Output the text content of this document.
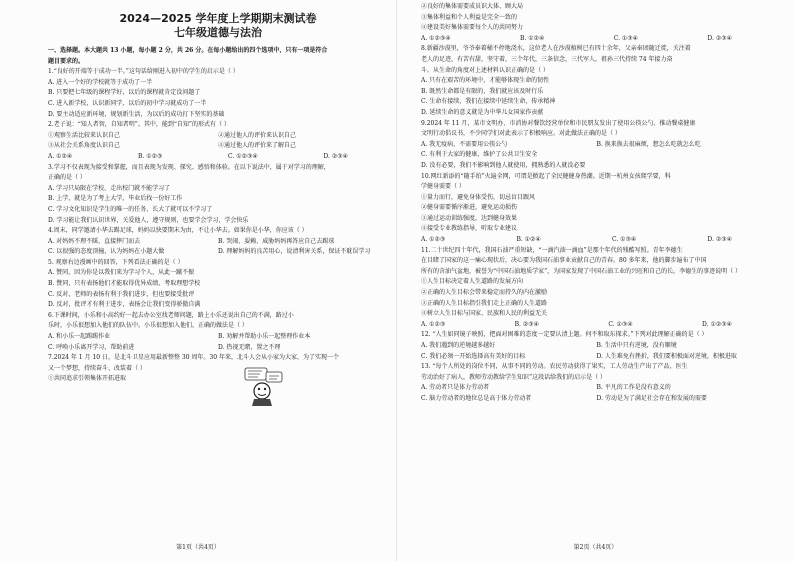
2024—2025 学年度上学期期末测试卷
七年级道德与法治
一、选择题。本大题共 13 小题，每小题 2 分，共 26 分。在每小题给出的四个选项中，只有一项是符合
题目要求的。
1.“良好的开端等于成功一半。”这句话给刚进入初中的学生的启示是（ ）
A. 进入一个好的学校就等于成功了一半
B. 只要把七年级的课程学好，以后的课程就肯定没问题了
C. 进入新学校，认识新同学，以后的初中学习就成功了一半
D. 要主动适应新环境，规划新生活，为以后的成功打下坚实的基础
2.老子说：“知人者智，自知者明”。其中，能到“自知”的形式有（ ）
①观察生活比较来认识自己	②通过他人的评价来认识自己
③从社会关系角度认识自己	④通过他人的评价来了解自己
A. ①②④	B. ①②③	C. ①②③④	D. ②③④
3.学习不仅表现为接受和掌握，而且表现为发现、探究、感悟和体验。在以下说法中，属于对学习的理解，
正确的是（ ）
A. 学习只局限在学校，走出校门就不能学习了
B. 上学，就是为了考上大学，毕业后找一份好工作
C. 学习文化知识是学生的唯一的任务，长大了就可以不学习了
D. 学习能让我们认识世界，关爱他人，遵守规则，也要学会学习，学会快乐
4.周末，同学邀请小华去踢足球，妈妈以快要期末为由，不让小华去。如果你是小华，你应该（ ）
A. 对妈妈不理不睬，直接摔门而去	B. 哭闹、耍赖、威胁妈妈再答应自己去踢球
C. 以很强的态度顶撞，认为妈妈在小题大做	D. 理解妈妈的良苦用心，说清利害关系，保证不耽误学习
5. 观察右边漫画中的回答，下列看法正确的是（ ）
A. 赞同，因为你是以我们来为学习个人，从此一蹴不振
B. 赞同，只有表扬他们才能取得优异成绩，考取理想学校
C. 反对，老师的表扬有利于我们进步，但也要接受批评
D. 反对，批评才有利于进步，表扬会让我们变得骄傲自满
6.下课时间，小乐和小高约好一起去办公室找老师问题，路上小乐还说出自己的不满，路过小
乐时，小乐很想加入他们的队伍中。小乐很想加入他们，正确的做法是（ ）
A. 和小乐一起踢踢作业	B. 劝解并帮助小乐一起整理作业本
C. 呼唤小乐离开学习，帮助前进	D. 热视无睹，置之不理
7.2024 年 1 月 10 日，是北斗卫星应用最新整整 30 周年。30 年来，北斗人会从小家为大家，为了实现一个
又一个梦想，持续奋斗、改装着（ ）
①共同追求引领集体开拓进取
第1页（共4页）
②良好的集体需要成员识大体、顾大局
③集体利益和个人利益是完全一致的
④建设美好集体需要每个人的共同努力
A. ①②③④	B. ①②④	C. ①③④	D. ②③④
8.新疆沙漠里，爷爷奉着桶不停地浇水，这位老人在沙漠植树已有四十余年，父亲奉团随迁徙，关注着
老人的足迹，有苦有甜，坚守着，三个年代，三条信念，三代军人，祖孙三代持续 74 年接力奋
斗。从生命的角度对上述材料认识正确的是（ ）
A. 只有在艰苦的环境中，才能够体现生命的韧性
B. 既然生命都是有限的，我们就应该及时行乐
C. 生命有接续，我们在接续中延续生命，传承精神
D. 延续生命的意义就是为中华儿女国家作贡献
9.2024 年 11 月，某市文明办、市消协对餐饮经营单位和市民朋友发出了使用公筷公勺、推动餐桌健康
文明行动倡议书，不少同学们对此表示了积极响应。对此做法正确的是（ ）
A. 我无疫病，不需要用公筷公勺	B. 换来换去很麻烦，想怎么吃就怎么吃
C. 有利于大家的健康，维护了公共卫生安全
D. 没有必要，我们不影响到他人就使用，拥熟悉的人就没必要
10.网红新添的“随手拍”火遍全网，可谓是掀起了全民健健身热潮。近期一杭州女孩爬学要，科
学健身需要（ ）
①量力而行，避免身体受伤，切忌盲目跟风
②健身需要循序渐进，避免运动损伤
③通过运动训练强度，达到健身效果
④接受专业教练指导，听取专业建议
A. ①②③	B. ①②④	C. ①③④	D. ②③④
11.二十世纪四十年代，我国石油严重短缺，“一滴汽油一滴血”是那个年代的残酷写照。青年李德生
在目睹了国家的这一痛心现状后，决心要为我国石油事业贡献自己的青春。80 多年来，他的脚步遍布了中国
所有的含油气盆地，被誉为“中国石油地质学家”，为国家发现了中国石油工业的兴旺和自己的长。李德生的事迹说明（ ）
①人生目标决定着人生道路的发展方向
②正确的人生目标会带来稳定而持久的内在激励
③正确的人生目标指引我们走上正确的人生道路
④树立人生目标与国家、民族和人民的利益无关
A. ①②③	B. ②③④	C. ①③④	D. ①②③④
12. “人生如同镜子映照，把面对困难的态度一定要认清上题。何不和取东探求。”下列对此理解正确的是（ ）
A. 我们遇到的逆境越多越好	B. 生活中只有逆境，没有顺境
C. 我们必须一开始选择高有美好的目标	D. 人生难免有挫折，我们要积极面对逆境，积极进取
13. “每个人所处的岗位不同，从事不同的劳动。农民劳动获得了果实，工人劳动生产出了产品，医生
劳动治好了病人，教师劳动教给学生知识”这段话给我们的启示是（ ）
A. 劳动者只是体力劳动者	B. 平凡的工作是没有意义的
C. 脑力劳动者的地位总是高于体力劳动者	D. 劳动是为了满足社会存在和发展的需要
第2页（共4页）
